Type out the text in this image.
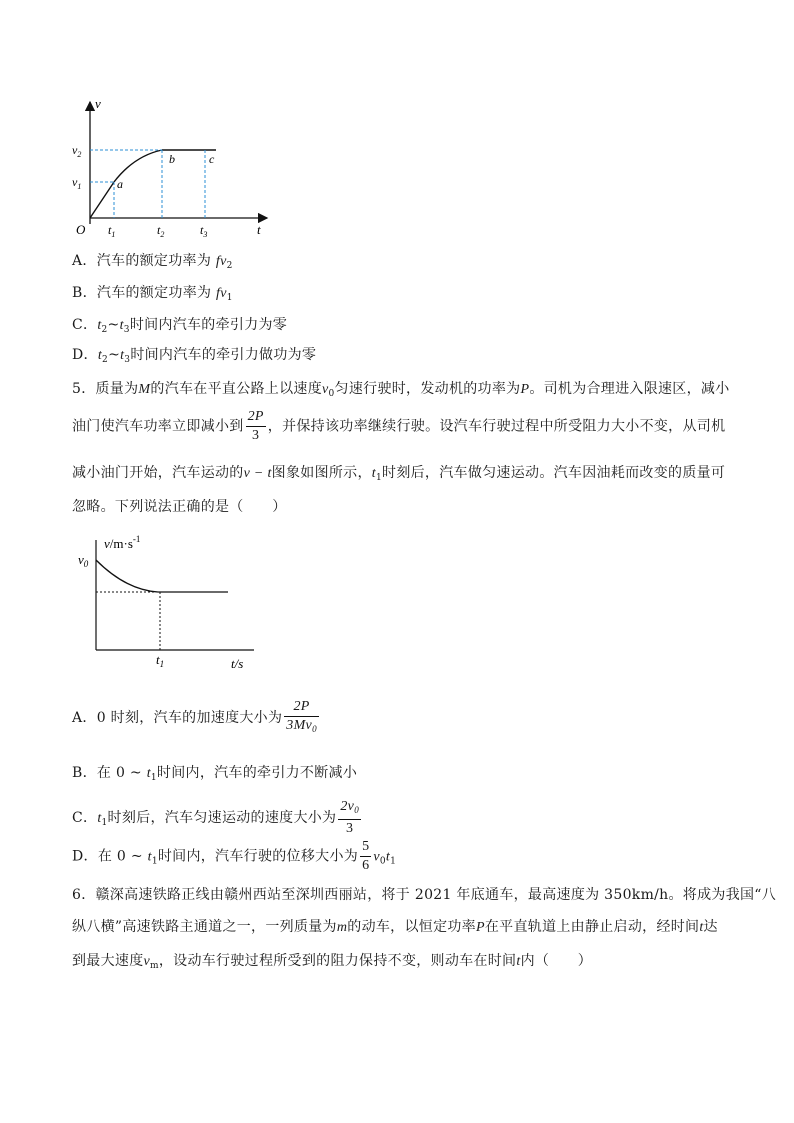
v
t
O
$v_2$
$v_1$
$t_1$	$t_2$	$t_3$
a
b	c
A．汽车的额定功率为 $fv_2$
B．汽车的额定功率为 $fv_1$
C．$t_2\sim t_3$时间内汽车的牵引力为零
D．$t_2\sim t_3$时间内汽车的牵引力做功为零
5．质量为M的汽车在平直公路上以速度$v_0$匀速行驶时，发动机的功率为P。司机为合理进入限速区，减小
油门使汽车功率立即减小到 $\frac{2P}{3}$ ，并保持该功率继续行驶。设汽车行驶过程中所受阻力大小不变，从司机
减小油门开始，汽车运动的v − t图象如图所示，$t_1$时刻后，汽车做匀速运动。汽车因油耗而改变的质量可
忽略。下列说法正确的是（　　）
$v/m\cdot s^{-1}$
$v_0$
$t_1$	t/s
A．0 时刻，汽车的加速度大小为 $\frac{2P}{3Mv_0}$
B．在 0 ~ $t_1$时间内，汽车的牵引力不断减小
C．$t_1$时刻后，汽车匀速运动的速度大小为 $\frac{2v_0}{3}$
D．在 0 ~ $t_1$时间内，汽车行驶的位移大小为 $\frac{5}{6} v_0t_1$
6．赣深高速铁路正线由赣州西站至深圳西丽站，将于 2021 年底通车，最高速度为 350km/h。将成为我国“八
纵八横”高速铁路主通道之一，一列质量为m的动车，以恒定功率P在平直轨道上由静止启动，经时间t达
到最大速度$v_m$，设动车行驶过程所受到的阻力保持不变，则动车在时间t内（　　）
